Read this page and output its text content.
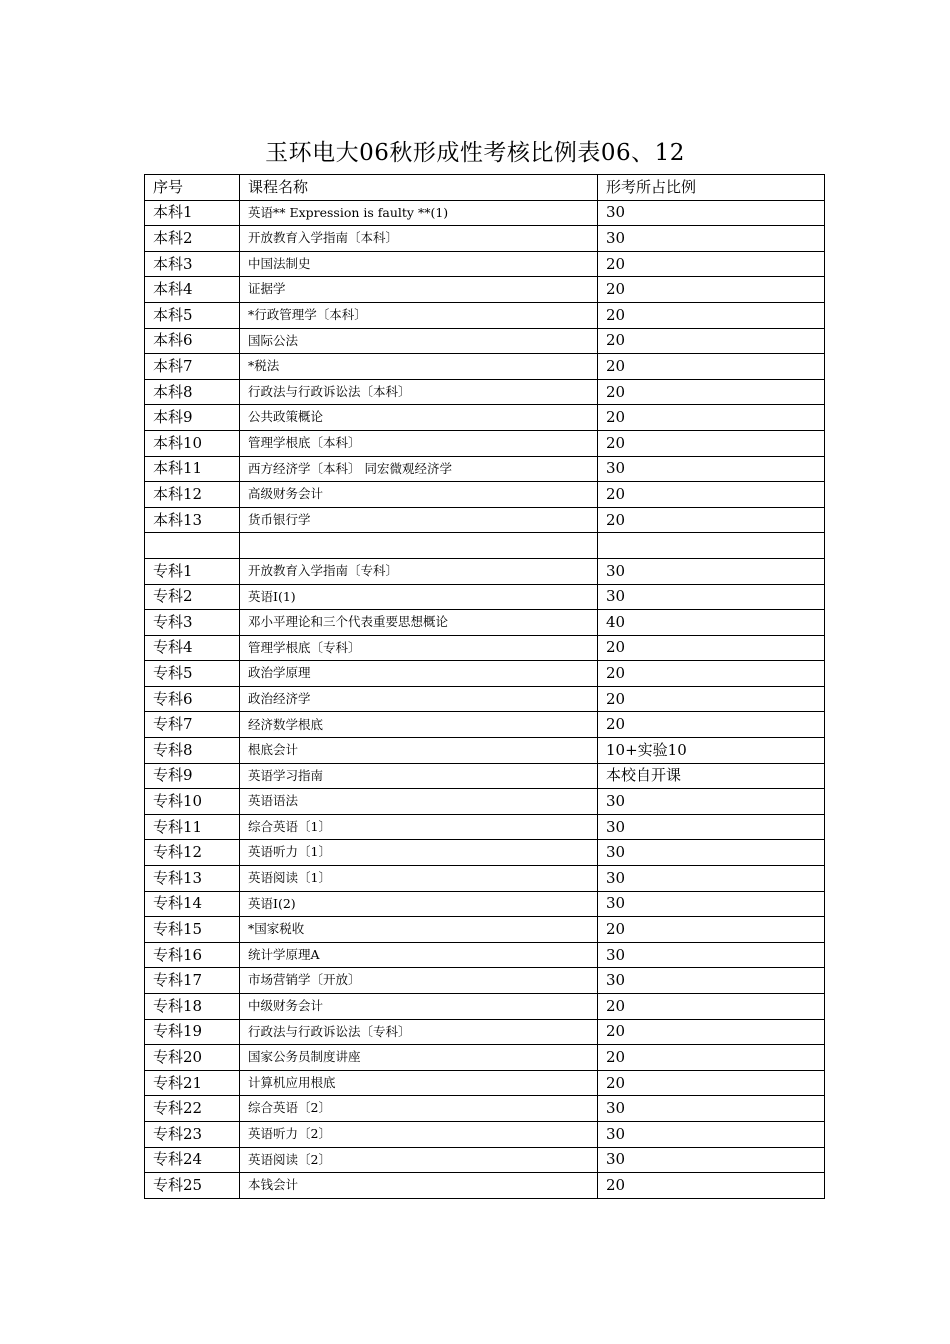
玉环电大06秋形成性考核比例表06、12
序号	课程名称	形考所占比例
本科1	英语** Expression is faulty **(1)	30
本科2	开放教育入学指南〔本科〕	30
本科3	中国法制史	20
本科4	证据学	20
本科5	*行政管理学〔本科〕	20
本科6	国际公法	20
本科7	*税法	20
本科8	行政法与行政诉讼法〔本科〕	20
本科9	公共政策概论	20
本科10	管理学根底〔本科〕	20
本科11	西方经济学〔本科〕 同宏微观经济学	30
本科12	高级财务会计	20
本科13	货币银行学	20

专科1	开放教育入学指南〔专科〕	30
专科2	英语Ⅰ(1)	30
专科3	邓小平理论和三个代表重要思想概论	40
专科4	管理学根底〔专科〕	20
专科5	政治学原理	20
专科6	政治经济学	20
专科7	经济数学根底	20
专科8	根底会计	10+实验10
专科9	英语学习指南	本校自开课
专科10	英语语法	30
专科11	综合英语〔1〕	30
专科12	英语听力〔1〕	30
专科13	英语阅读〔1〕	30
专科14	英语Ⅰ(2)	30
专科15	*国家税收	20
专科16	统计学原理A	30
专科17	市场营销学〔开放〕	30
专科18	中级财务会计	20
专科19	行政法与行政诉讼法〔专科〕	20
专科20	国家公务员制度讲座	20
专科21	计算机应用根底	20
专科22	综合英语〔2〕	30
专科23	英语听力〔2〕	30
专科24	英语阅读〔2〕	30
专科25	本钱会计	20
